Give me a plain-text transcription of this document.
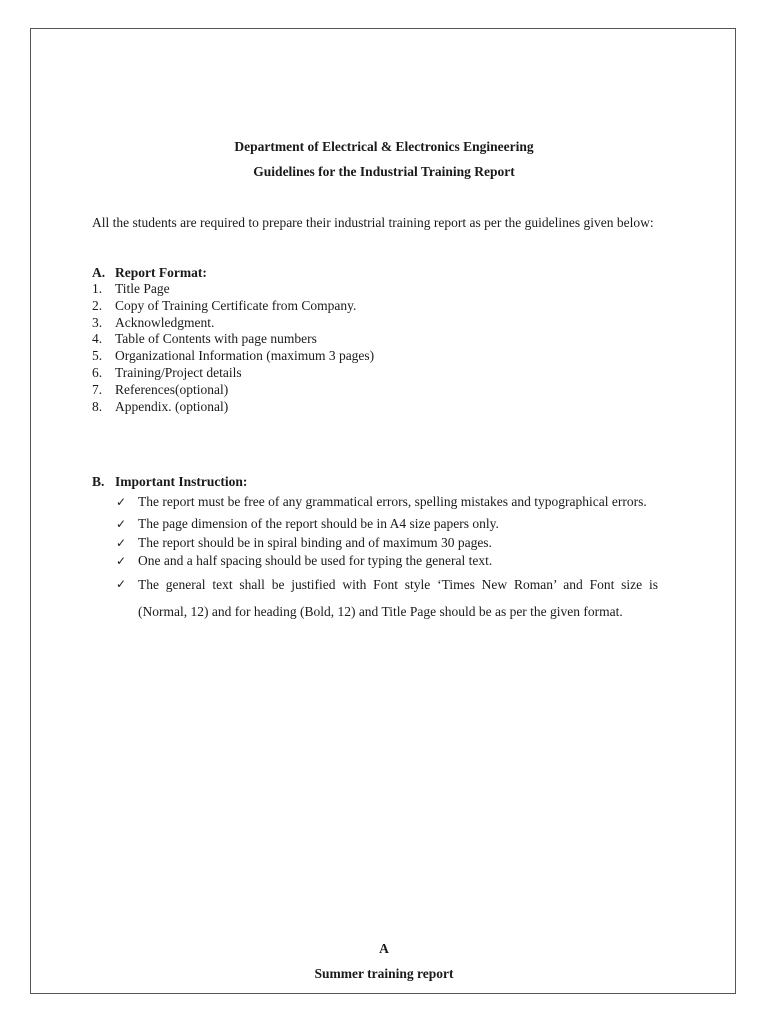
Department of Electrical & Electronics Engineering
Guidelines for the Industrial Training Report
All the students are required to prepare their industrial training report as per the guidelines given below:
A. Report Format:
1. Title Page
2. Copy of Training Certificate from Company.
3. Acknowledgment.
4. Table of Contents with page numbers
5. Organizational Information (maximum 3 pages)
6. Training/Project details
7. References(optional)
8. Appendix. (optional)
B. Important Instruction:
✓ The report must be free of any grammatical errors, spelling mistakes and typographical errors.
✓ The page dimension of the report should be in A4 size papers only.
✓ The report should be in spiral binding and of maximum 30 pages.
✓ One and a half spacing should be used for typing the general text.
✓ The general text shall be justified with Font style ‘Times New Roman’ and Font size is (Normal, 12) and for heading (Bold, 12) and Title Page should be as per the given format.
A
Summer training report
